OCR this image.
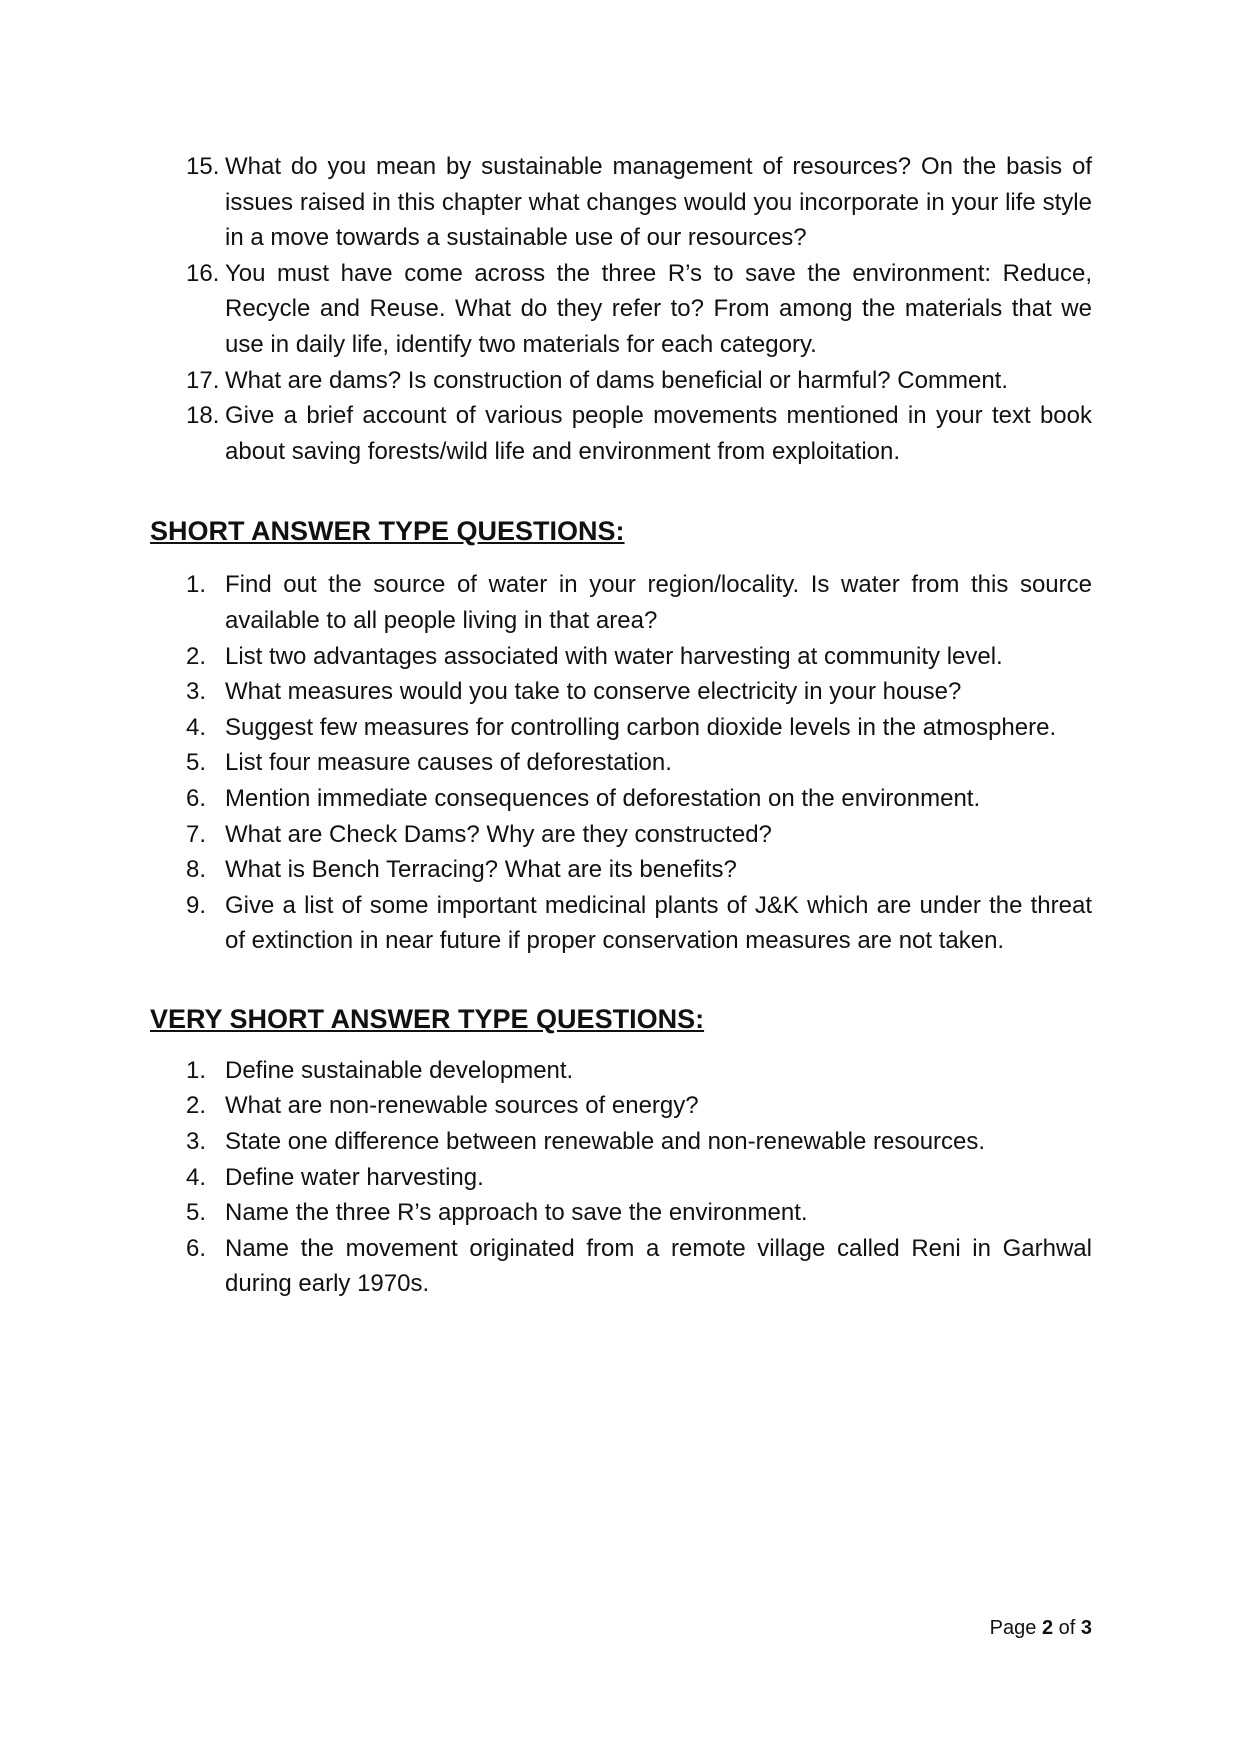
15. What do you mean by sustainable management of resources? On the basis of issues raised in this chapter what changes would you incorporate in your life style in a move towards a sustainable use of our resources?
16. You must have come across the three R’s to save the environment: Reduce, Recycle and Reuse. What do they refer to? From among the materials that we use in daily life, identify two materials for each category.
17. What are dams? Is construction of dams beneficial or harmful? Comment.
18. Give a brief account of various people movements mentioned in your text book about saving forests/wild life and environment from exploitation.
SHORT ANSWER TYPE QUESTIONS:
1. Find out the source of water in your region/locality. Is water from this source available to all people living in that area?
2. List two advantages associated with water harvesting at community level.
3. What measures would you take to conserve electricity in your house?
4. Suggest few measures for controlling carbon dioxide levels in the atmosphere.
5. List four measure causes of deforestation.
6. Mention immediate consequences of deforestation on the environment.
7. What are Check Dams? Why are they constructed?
8. What is Bench Terracing? What are its benefits?
9. Give a list of some important medicinal plants of J&K which are under the threat of extinction in near future if proper conservation measures are not taken.
VERY SHORT ANSWER TYPE QUESTIONS:
1. Define sustainable development.
2. What are non-renewable sources of energy?
3. State one difference between renewable and non-renewable resources.
4. Define water harvesting.
5. Name the three R’s approach to save the environment.
6. Name the movement originated from a remote village called Reni in Garhwal during early 1970s.
Page 2 of 3
